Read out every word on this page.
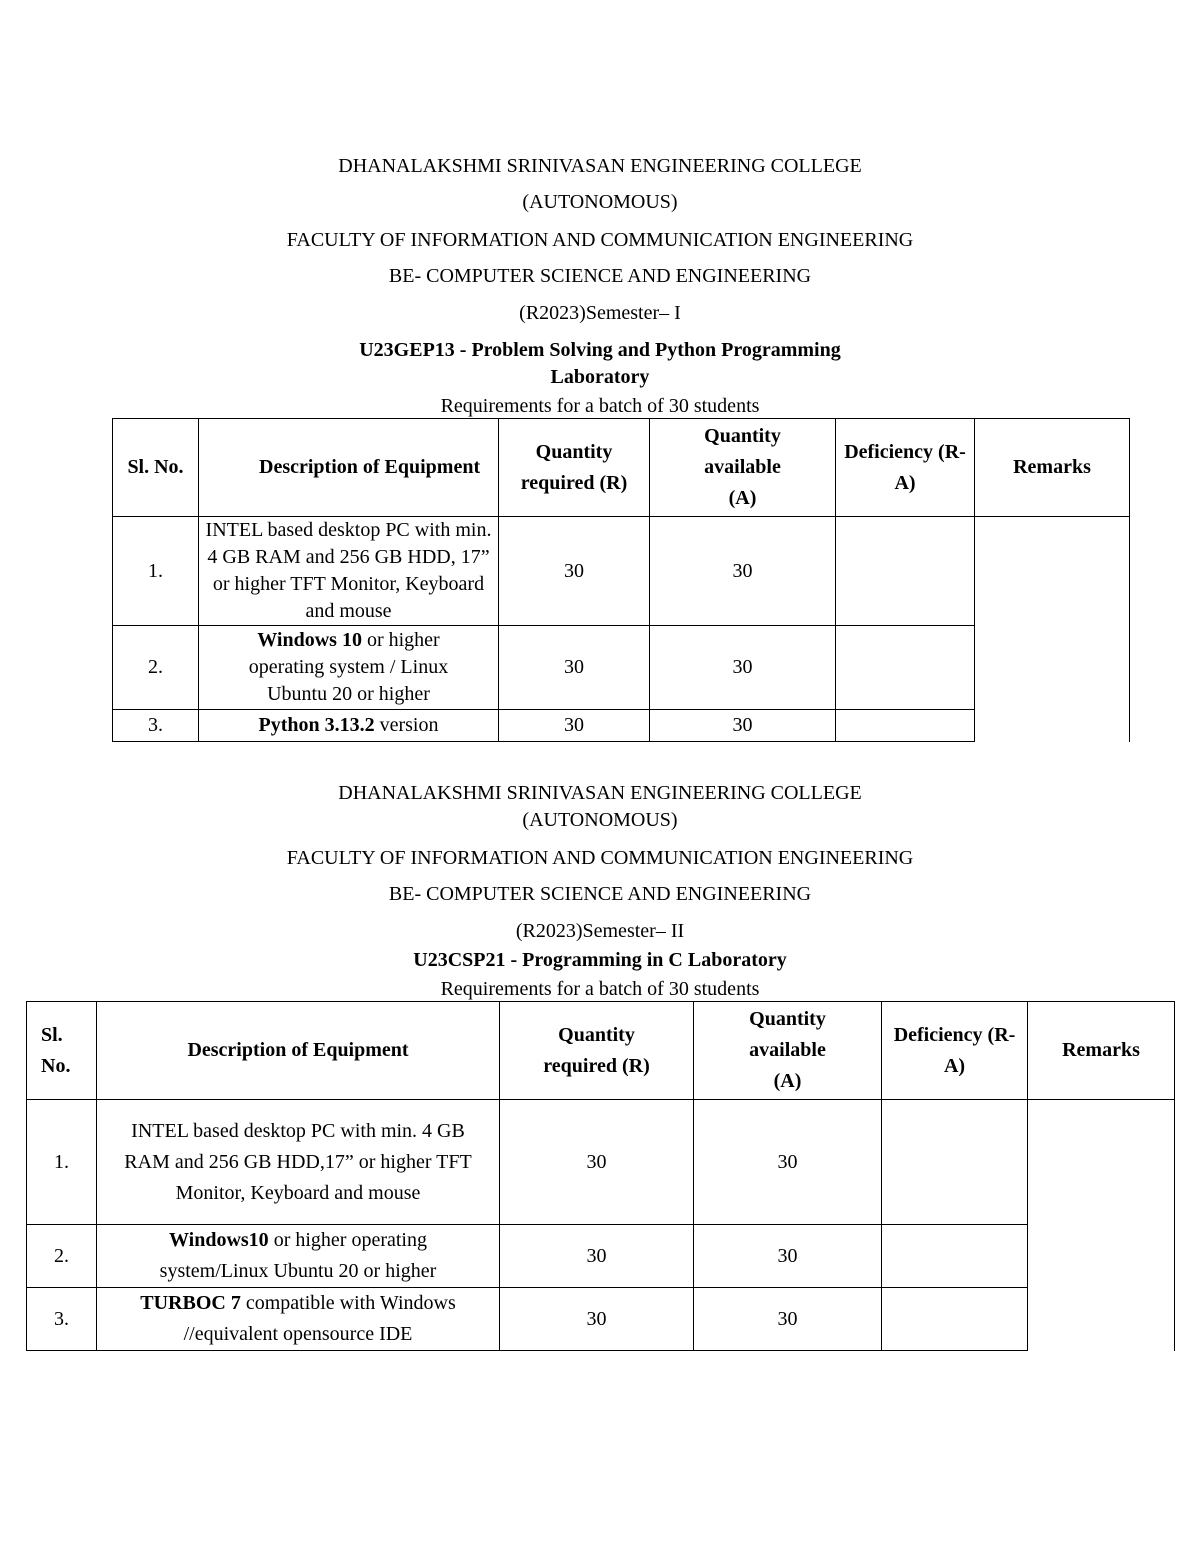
DHANALAKSHMI SRINIVASAN ENGINEERING COLLEGE
(AUTONOMOUS)
FACULTY OF INFORMATION AND COMMUNICATION ENGINEERING
BE- COMPUTER SCIENCE AND ENGINEERING
(R2023)Semester– I
U23GEP13 - Problem Solving and Python Programming
Laboratory
Requirements for a batch of 30 students
Sl. No.	Description of Equipment	Quantity required (R)	Quantity available (A)	Deficiency (R-A)	Remarks
1.	INTEL based desktop PC with min. 4 GB RAM and 256 GB HDD, 17” or higher TFT Monitor, Keyboard and mouse	30	30		
2.	Windows 10 or higher operating system / Linux Ubuntu 20 or higher	30	30		
3.	Python 3.13.2 version	30	30		
DHANALAKSHMI SRINIVASAN ENGINEERING COLLEGE
(AUTONOMOUS)
FACULTY OF INFORMATION AND COMMUNICATION ENGINEERING
BE- COMPUTER SCIENCE AND ENGINEERING
(R2023)Semester– II
U23CSP21 - Programming in C Laboratory
Requirements for a batch of 30 students
Sl. No.	Description of Equipment	Quantity required (R)	Quantity available (A)	Deficiency (R-A)	Remarks
1.	INTEL based desktop PC with min. 4 GB RAM and 256 GB HDD,17” or higher TFT Monitor, Keyboard and mouse	30	30		
2.	Windows10 or higher operating system/Linux Ubuntu 20 or higher	30	30		
3.	TURBOC 7 compatible with Windows //equivalent opensource IDE	30	30		
